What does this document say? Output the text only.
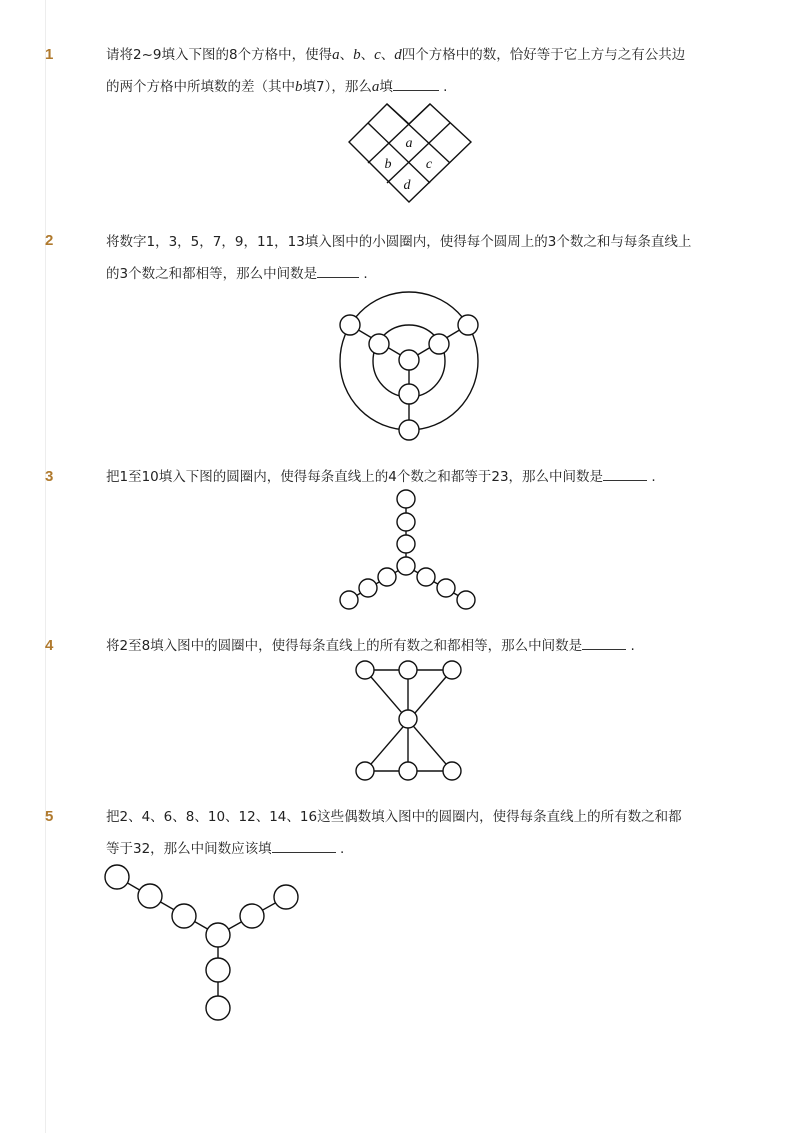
1	请将2~9填入下图的8个方格中，使得a、b、c、d四个方格中的数，恰好等于它上方与之有公共边
的两个方格中所填数的差（其中b填7），那么a填	.
a
b c
d
2	将数字1，3，5，7，9，11，13填入图中的小圆圈内，使得每个圆周上的3个数之和与每条直线上
的3个数之和都相等，那么中间数是	.
3	把1至10填入下图的圆圈内，使得每条直线上的4个数之和都等于23，那么中间数是	.
4	将2至8填入图中的圆圈中，使得每条直线上的所有数之和都相等，那么中间数是	.
5	把2、4、6、8、10、12、14、16这些偶数填入图中的圆圈内，使得每条直线上的所有数之和都
等于32，那么中间数应该填	.
